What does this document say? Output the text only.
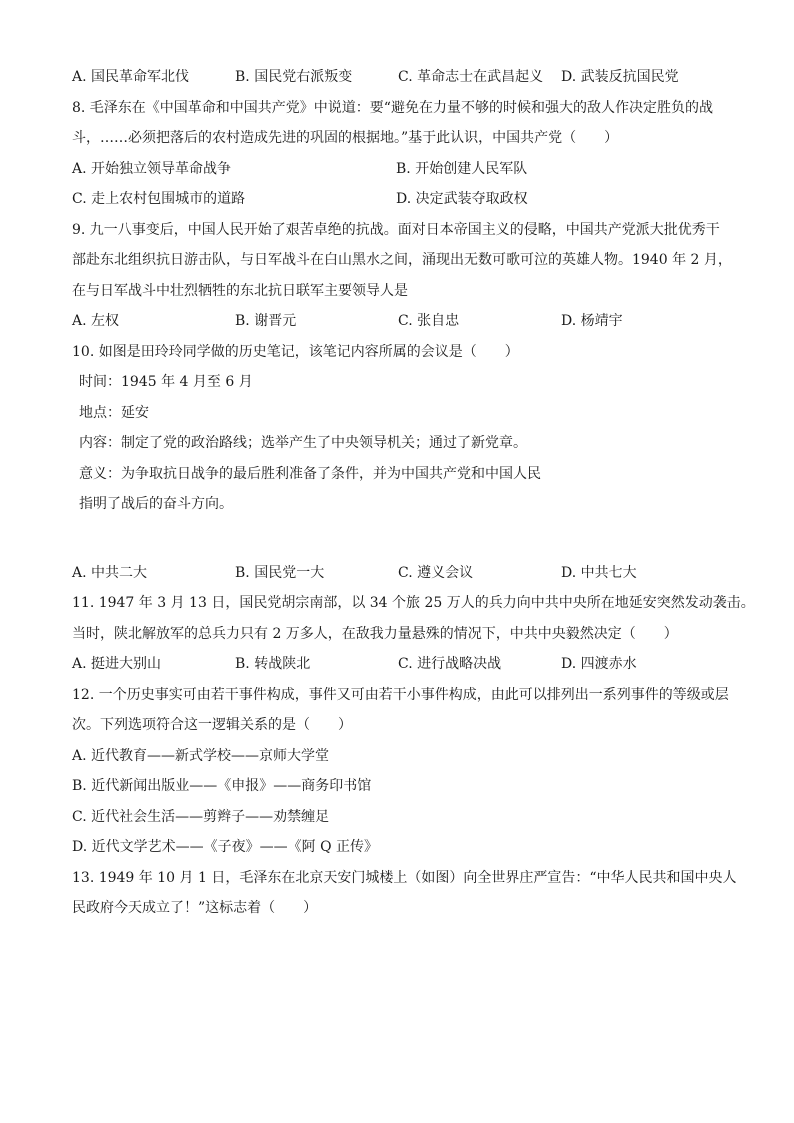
A. 国民革命军北伐	B. 国民党右派叛变	C. 革命志士在武昌起义	D. 武装反抗国民党
8. 毛泽东在《中国革命和中国共产党》中说道：要“避免在力量不够的时候和强大的敌人作决定胜负的战
斗，……必须把落后的农村造成先进的巩固的根据地。”基于此认识，中国共产党（　　）
A. 开始独立领导革命战争	B. 开始创建人民军队
C. 走上农村包围城市的道路	D. 决定武装夺取政权
9. 九一八事变后，中国人民开始了艰苦卓绝的抗战。面对日本帝国主义的侵略，中国共产党派大批优秀干
部赴东北组织抗日游击队，与日军战斗在白山黑水之间，涌现出无数可歌可泣的英雄人物。1940 年 2 月，
在与日军战斗中壮烈牺牲的东北抗日联军主要领导人是
A. 左权	B. 谢晋元	C. 张自忠	D. 杨靖宇
10. 如图是田玲玲同学做的历史笔记，该笔记内容所属的会议是（　　）
时间：1945 年 4 月至 6 月
地点：延安
内容：制定了党的政治路线；选举产生了中央领导机关；通过了新党章。
意义：为争取抗日战争的最后胜利准备了条件，并为中国共产党和中国人民
指明了战后的奋斗方向。
A. 中共二大	B. 国民党一大	C. 遵义会议	D. 中共七大
11. 1947 年 3 月 13 日，国民党胡宗南部，以 34 个旅 25 万人的兵力向中共中央所在地延安突然发动袭击。
当时，陕北解放军的总兵力只有 2 万多人，在敌我力量悬殊的情况下，中共中央毅然决定（　　）
A. 挺进大别山	B. 转战陕北	C. 进行战略决战	D. 四渡赤水
12. 一个历史事实可由若干事件构成，事件又可由若干小事件构成，由此可以排列出一系列事件的等级或层
次。下列选项符合这一逻辑关系的是（　　）
A. 近代教育——新式学校——京师大学堂
B. 近代新闻出版业——《申报》——商务印书馆
C. 近代社会生活——剪辫子——劝禁缠足
D. 近代文学艺术——《子夜》——《阿 Q 正传》
13. 1949 年 10 月 1 日，毛泽东在北京天安门城楼上（如图）向全世界庄严宣告：“中华人民共和国中央人
民政府今天成立了！”这标志着（　　）
